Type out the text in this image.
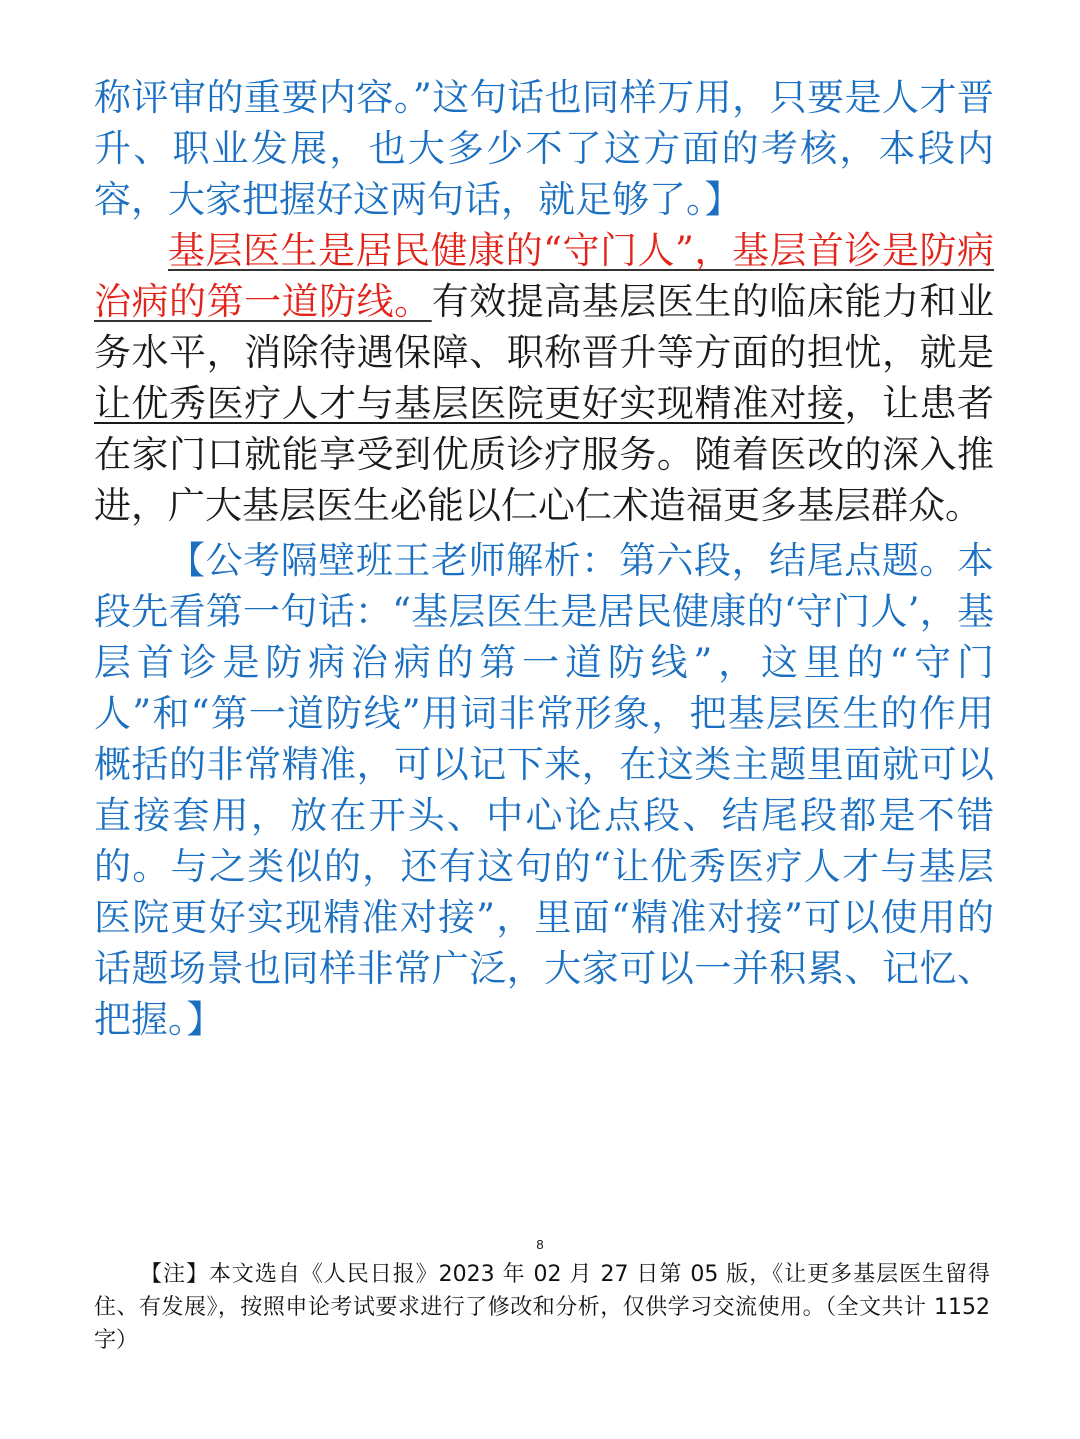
称评审的重要内容。”这句话也同样万用，只要是人才晋升、职业发展，也大多少不了这方面的考核，本段内容，大家把握好这两句话，就足够了。】

基层医生是居民健康的“守门人”，基层首诊是防病治病的第一道防线。有效提高基层医生的临床能力和业务水平，消除待遇保障、职称晋升等方面的担忧，就是让优秀医疗人才与基层医院更好实现精准对接，让患者在家门口就能享受到优质诊疗服务。随着医改的深入推进，广大基层医生必能以仁心仁术造福更多基层群众。

【公考隔壁班王老师解析：第六段，结尾点题。本段先看第一句话：“基层医生是居民健康的‘守门人’，基层首诊是防病治病的第一道防线”，这里的“守门人”和“第一道防线”用词非常形象，把基层医生的作用概括的非常精准，可以记下来，在这类主题里面就可以直接套用，放在开头、中心论点段、结尾段都是不错的。与之类似的，还有这句的“让优秀医疗人才与基层医院更好实现精准对接”，里面“精准对接”可以使用的话题场景也同样非常广泛，大家可以一并积累、记忆、把握。】

8
【注】本文选自《人民日报》2023 年 02 月 27 日第 05 版，《让更多基层医生留得住、有发展》，按照申论考试要求进行了修改和分析，仅供学习交流使用。（全文共计 1152 字）
